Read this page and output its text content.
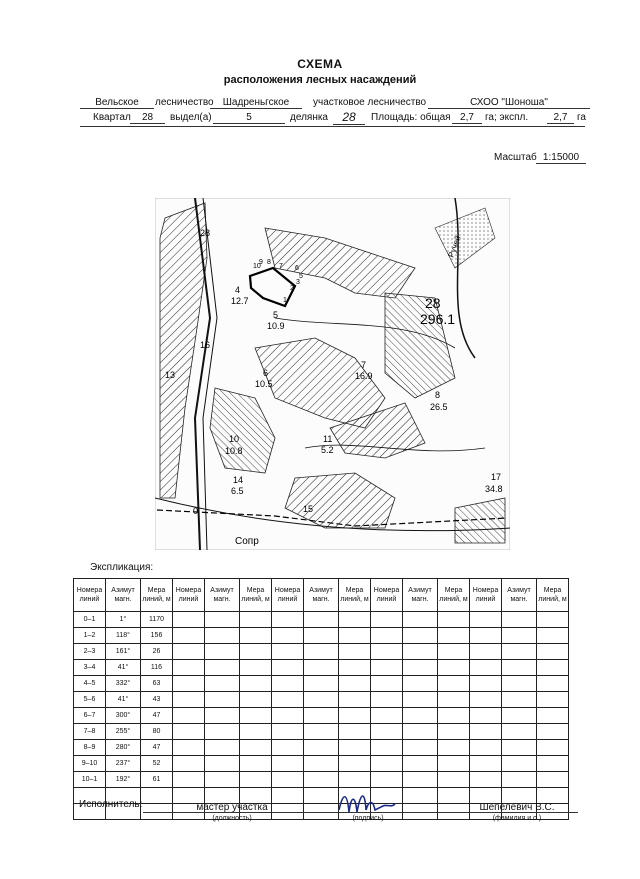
СХЕМА
расположения лесных насаждений
Вельское	лесничество Шадреньгское	участковое лесничество	СХОО "Шоноша"
Квартал	28	выдел(а)	5	делянка	28	Площадь: общая 2,7	га; экспл.	2,7 га
Масштаб 1:15000
28
4
12.7
5
10.9
28
296.1
8
26.5
16
17
34.8
11
5.2
10
10.8
14
6.5
15
6
10.5
7
16.9
13
0
Ручей
Сопр
1
2
3
10
9 8
7 6
5
Экспликация:
Номера линий	Азимут магн.	Мера линий, м	Номера линий	Азимут магн.	Мера линий, м	Номера линий	Азимут магн.	Мера линий, м	Номера линий	Азимут магн.	Мера линий, м	Номера линий	Азимут магн.	Мера линий, м
0–1	1°	1170												
1–2	118°	156												
2–3	161°	26												
3–4	41°	116												
4–5	332°	63												
5–6	41°	43												
6–7	300°	47												
7–8	255°	80												
8–9	280°	47												
9–10	237°	52												
10–1	192°	61												

Исполнитель:	мастер участка
(должность)	(подпись)
Шепелевич В.С.
(фамилия и.о.)
